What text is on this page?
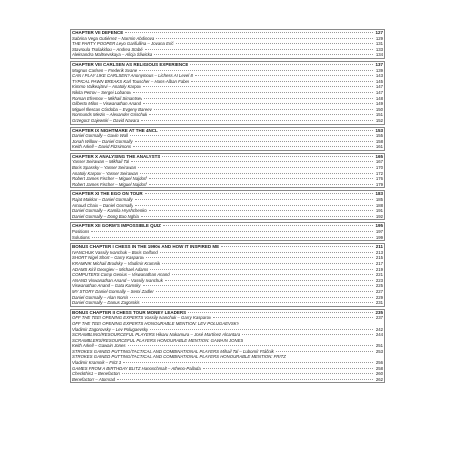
CHAPTER VII DEFENCE	127
Sabrina Vega Gutiérrez – Narmin Abdinova	129
THE PARTY POOPER Leyo Garifullina – Jovana Erić	131
Stavroula Tsolakidou – Andrea Stabé	133
Aleksandra Maltsevskaya – Alicja Śliwicka	134
CHAPTER VIII CARLSEN AS RELIGIOUS EXPERIENCE	137
Magnus Carlsen – Frederik Svane	139
CAN I PLAY LIKE CARLSEN? Anonymous – Lichess AI Level 8	143
TYPICAL PAWN BREAKS Karl Touscher – Hans-Alban Faber	145
Kimmo Valkeajärvi – Anatoly Karpov	147
Nikita Petrov – Sergei Lobanov	147
Roman Efremov – Mikhail Simantsev	148
Gilberto Milos – Viswanathan Anand	149
Miguel Illescas Córdoba – Evgeny Bareev	150
Normunds Miezis – Alexander Grischuk	151
Grzegorz Gajewski – David Navara	152
CHAPTER IX NIGHTMARE AT THE 4NCL	153
Daniel Gormally – Gavin Wall	155
Jonah Willow – Daniel Gormally	158
Keith Arkell – David Fitzsimons	161
CHAPTER X ANALYSING THE ANALYSTS	165
Yasser Seirawan – Mikhail Tal	167
Boris Spassky – Yasser Seirawan	170
Anatoly Karpov – Yasser Seirawan	172
Robert James Fischer – Miguel Najdorf	176
Robert James Fischer – Miguel Najdorf	179
CHAPTER XI THE EGO ON TOUR	183
Rajat Makkar – Daniel Gormally	185
Arnaud Chaix – Daniel Gormally	188
Daniel Gormally – Kamila Hryshchenko	191
Daniel Gormally – Dong Bao Nghia	192
CHAPTER XII GORM'S IMPOSSIBLE QUIZ	195
Positions	197
Solutions	199
BONUS CHAPTER I CHESS IN THE 1990s AND HOW IT INSPIRED ME	211
IVANCHUK Vassily Ivanchuk – Boris Gelfand	213
SHORT Nigel Short – Garry Kasparov	215
KRAMNIK Michail Brodsky – Vladimir Kramnik	217
ADAMS Kiril Georgiev – Michael Adams	219
COMPUTERS Comp Genius – Viswanathan Anand	221
ANAND Viswanathan Anand – Vassily Ivanchuk	223
Viswanathan Anand – Gata Kamsky	225
MY STORY Daniel Gormally – Semi Zadler	227
Daniel Gormally – Alan Norris	229
Daniel Gormally – Danus Zagorskis	231
BONUS CHAPTER II CHESS TOUR MONEY LEADERS	235
OFF THE TEE! OPENING EXPERTS Vassily Ivanchuk – Garry Kasparov	237
OFF THE TEE! OPENING EXPERTS HONOURABLE MENTION: LEV POLUGAEVSKY
Vladimir Zagorovsky – Lev Polugaevsky	242
SCRAMBLING/RESOURCEFUL PLAYERS Hikaru Nakamura – José Martínez Alcantara	244
SCRAMBLERS/RESOURCEFUL PLAYERS HONOURABLE MENTION: GAWAIN JONES
Keith Arkell – Gawain Jones	251
STROKES GAINED PUTTING/TACTICAL AND COMBINATIONAL PLAYERS Mihail Tal – Ľubomír Ftáčnik	253
STROKES GAINED PUTTING/TACTICAL AND COMBINATIONAL PLAYERS HONOURABLE MENTION: FRITZ
Vladimir Kramnik – Fritz 3	256
GAMES FROM A BIRTHDAY BLITZ Hanoschmalt – Atheno-Pallada	258
Checkthis1 – Benefactorr	260
Benefactorr – Atomrad	262
